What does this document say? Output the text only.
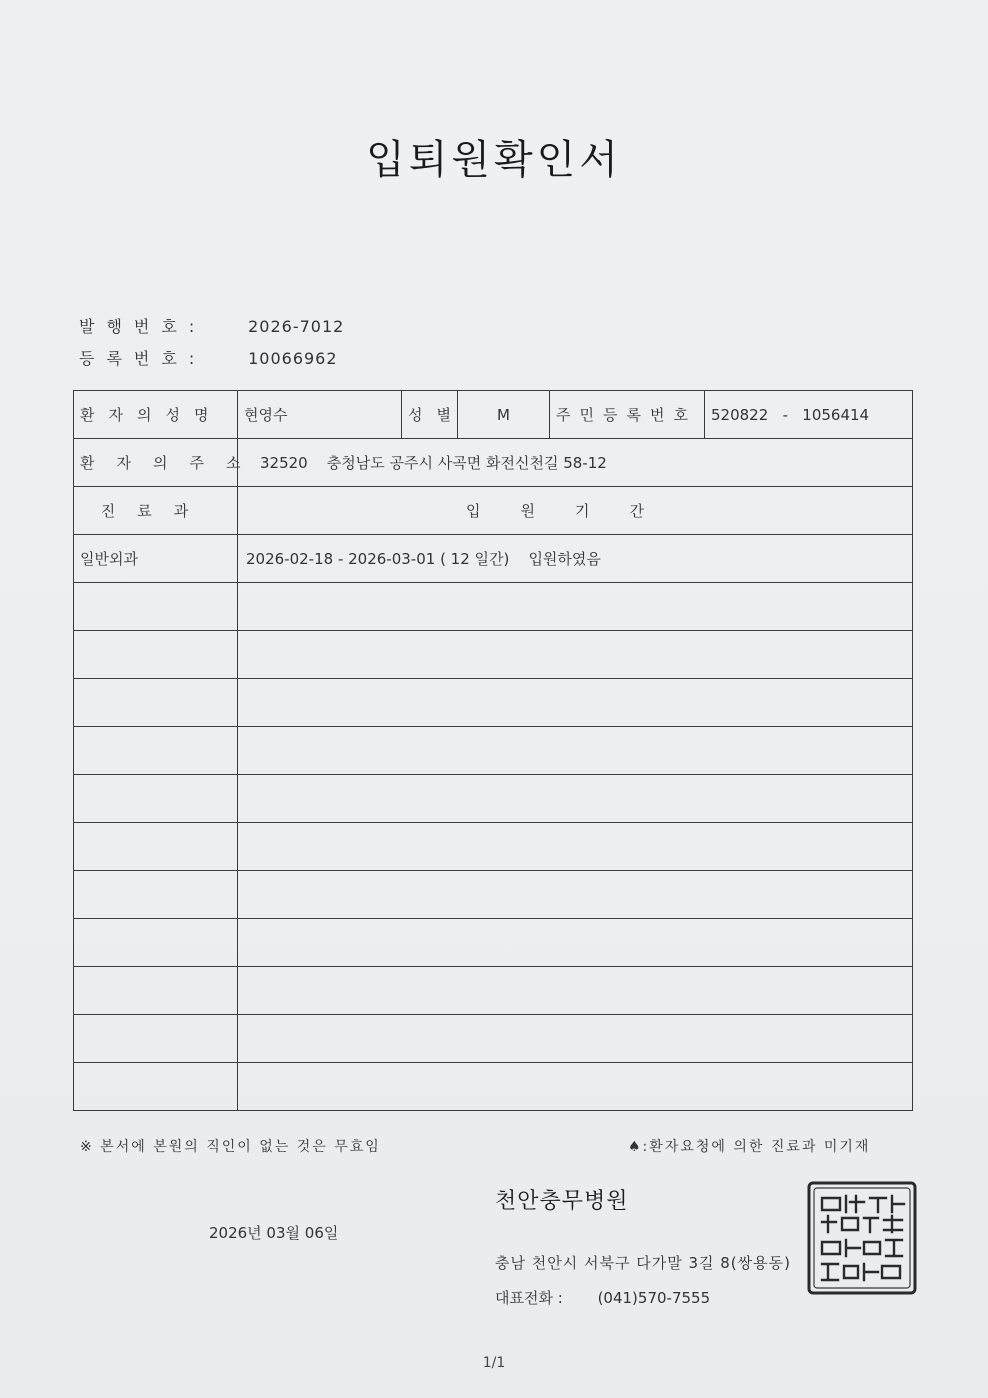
입퇴원확인서
발행번호:	2026-7012
등록번호:	10066962
환자의성명	현영수	성별	M	주민등록번호	520822   -   1056414
환자의주소	32520    충청남도 공주시 사곡면 화전신천길 58-12				
진료과	입원기간				
일반외과	2026-02-18 - 2026-03-01 ( 12 일간)    입원하였음				

※ 본서에 본원의 직인이 없는 것은 무효임	♠:환자요청에 의한 진료과 미기재
천안충무병원
2026년 03월 06일
충남 천안시 서북구 다가말 3길 8(쌍용동)
대표전화 : (041)570-7555
1/1
